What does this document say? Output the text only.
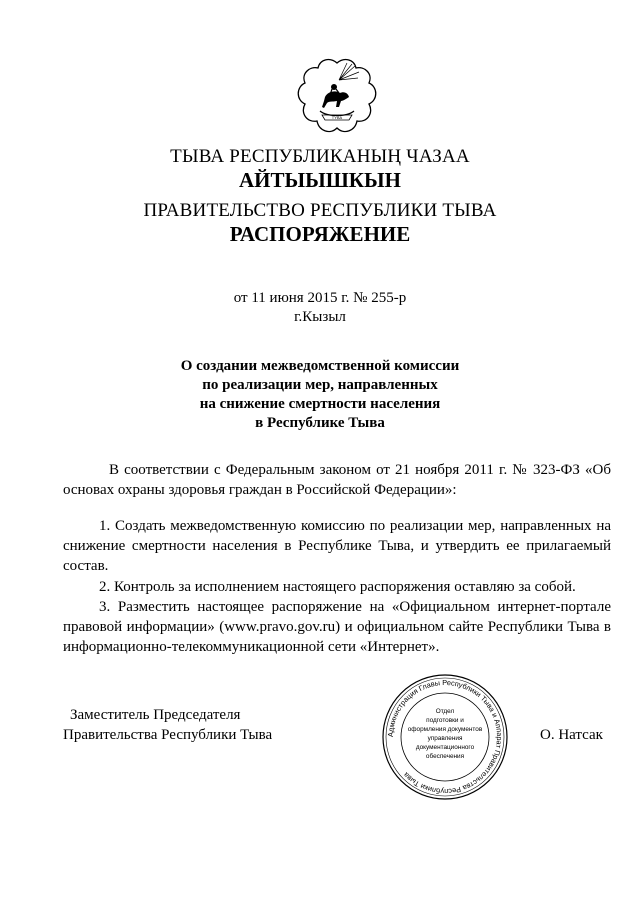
TYBA
ТЫВА РЕСПУБЛИКАНЫҢ ЧАЗАА
АЙТЫЫШКЫН
ПРАВИТЕЛЬСТВО РЕСПУБЛИКИ ТЫВА
РАСПОРЯЖЕНИЕ
от 11 июня 2015 г. № 255-р
г.Кызыл
О создании межведомственной комиссии
по реализации мер, направленных
на снижение смертности населения
в Республике Тыва
В соответствии с Федеральным законом от 21 ноября 2011 г. № 323-ФЗ «Об основах охраны здоровья граждан в Российской Федерации»:
1. Создать межведомственную комиссию по реализации мер, направленных на снижение смертности населения в Республике Тыва, и утвердить ее прилагаемый состав.
2. Контроль за исполнением настоящего распоряжения оставляю за собой.
3. Разместить настоящее распоряжение на «Официальном интернет-портале правовой информации» (www.pravo.gov.ru) и официальном сайте Республики Тыва в информационно-телекоммуникационной сети «Интернет».
Заместитель Председателя
Правительства Республики Тыва	О. Натсак
Администрация Главы Республики Тыва и Аппарат Правительства Республики Тыва
Отдел
подготовки и
оформления документов
управления
документационного
обеспечения
